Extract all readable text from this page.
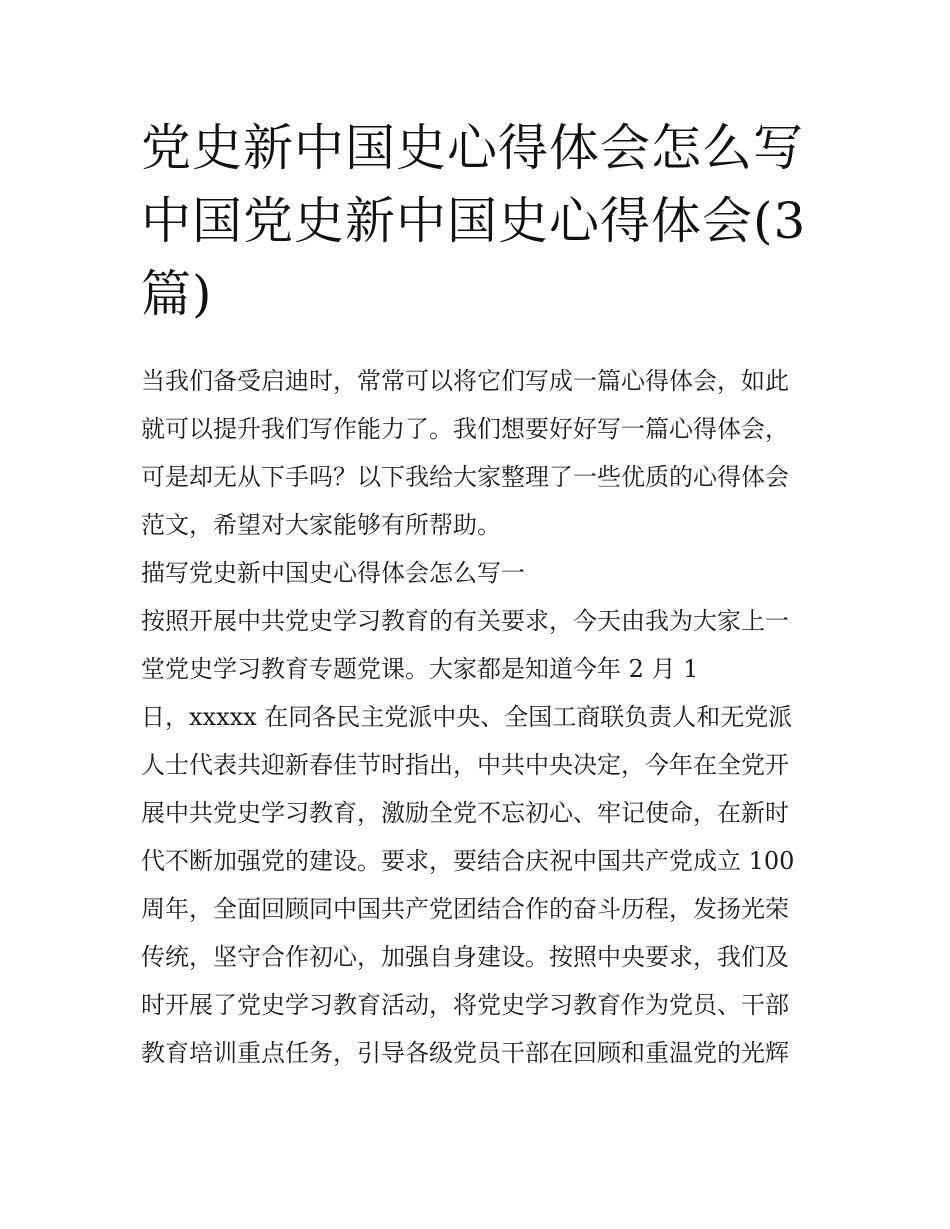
党史新中国史心得体会怎么写
中国党史新中国史心得体会(3
篇)
当我们备受启迪时，常常可以将它们写成一篇心得体会，如此
就可以提升我们写作能力了。我们想要好好写一篇心得体会，
可是却无从下手吗？以下我给大家整理了一些优质的心得体会
范文，希望对大家能够有所帮助。
描写党史新中国史心得体会怎么写一
按照开展中共党史学习教育的有关要求，今天由我为大家上一
堂党史学习教育专题党课。大家都是知道今年 2 月 1
日，xxxxx 在同各民主党派中央、全国工商联负责人和无党派
人士代表共迎新春佳节时指出，中共中央决定，今年在全党开
展中共党史学习教育，激励全党不忘初心、牢记使命，在新时
代不断加强党的建设。要求，要结合庆祝中国共产党成立 100
周年，全面回顾同中国共产党团结合作的奋斗历程，发扬光荣
传统，坚守合作初心，加强自身建设。按照中央要求，我们及
时开展了党史学习教育活动，将党史学习教育作为党员、干部
教育培训重点任务，引导各级党员干部在回顾和重温党的光辉
